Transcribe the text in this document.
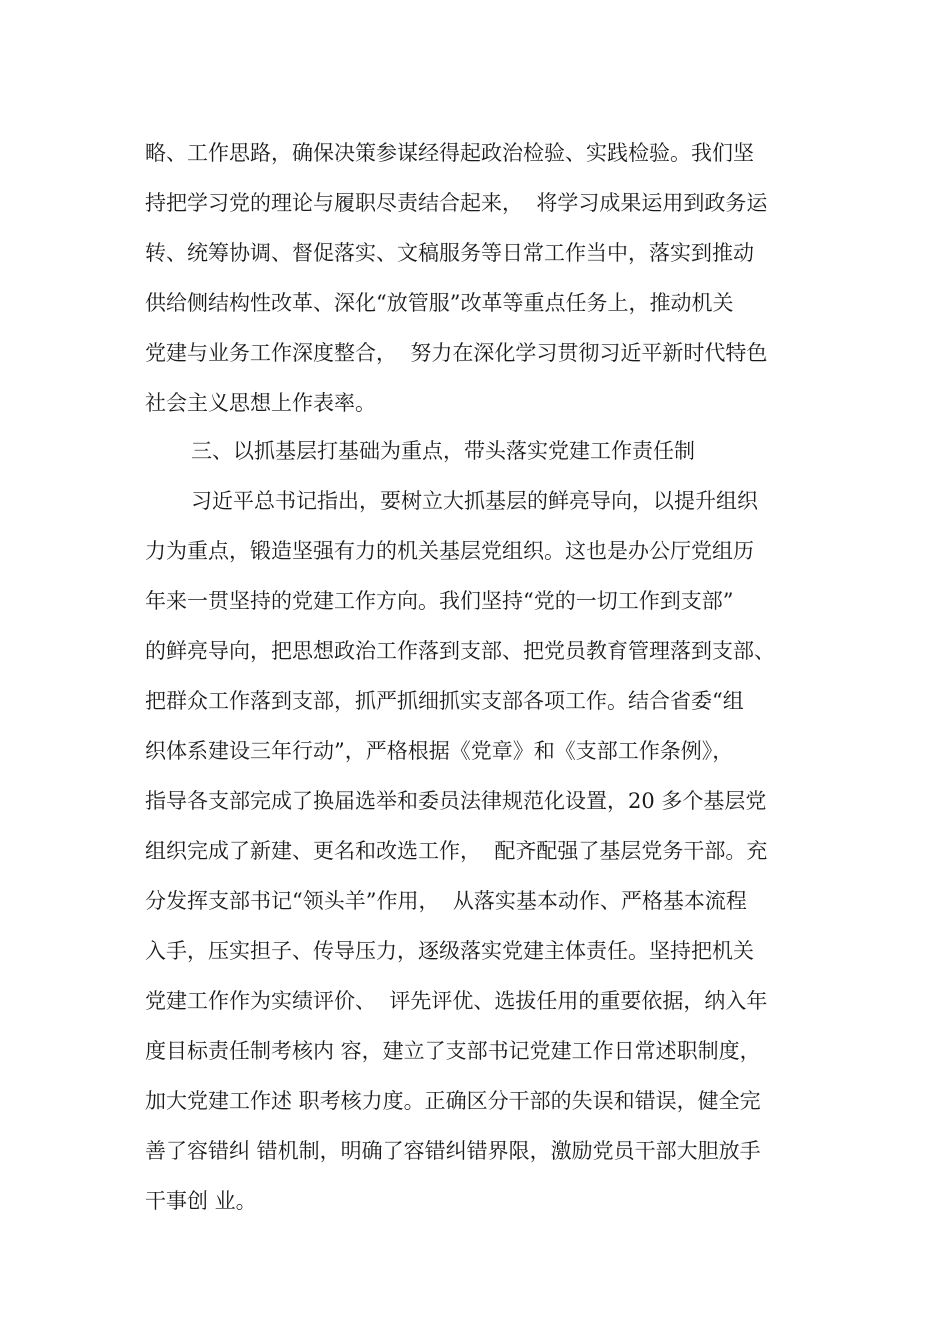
略、工作思路，确保决策参谋经得起政治检验、实践检验。我们坚
持把学习党的理论与履职尽责结合起来，  将学习成果运用到政务运
转、统筹协调、督促落实、文稿服务等日常工作当中，落实到推动
供给侧结构性改革、深化“放管服”改革等重点任务上，推动机关
党建与业务工作深度整合，  努力在深化学习贯彻习近平新时代特色
社会主义思想上作表率。
三、以抓基层打基础为重点，带头落实党建工作责任制
习近平总书记指出，要树立大抓基层的鲜亮导向，以提升组织
力为重点，锻造坚强有力的机关基层党组织。这也是办公厅党组历
年来一贯坚持的党建工作方向。我们坚持“党的一切工作到支部”
的鲜亮导向，把思想政治工作落到支部、把党员教育管理落到支部、
把群众工作落到支部，抓严抓细抓实支部各项工作。结合省委“组
织体系建设三年行动”，严格根据《党章》和《支部工作条例》，
指导各支部完成了换届选举和委员法律规范化设置，20 多个基层党
组织完成了新建、更名和改选工作，  配齐配强了基层党务干部。充
分发挥支部书记“领头羊”作用，  从落实基本动作、严格基本流程
入手，压实担子、传导压力，逐级落实党建主体责任。坚持把机关
党建工作作为实绩评价、  评先评优、选拔任用的重要依据，纳入年
度目标责任制考核内 容，建立了支部书记党建工作日常述职制度，
加大党建工作述 职考核力度。正确区分干部的失误和错误，健全完
善了容错纠 错机制，明确了容错纠错界限，激励党员干部大胆放手
干事创 业。
